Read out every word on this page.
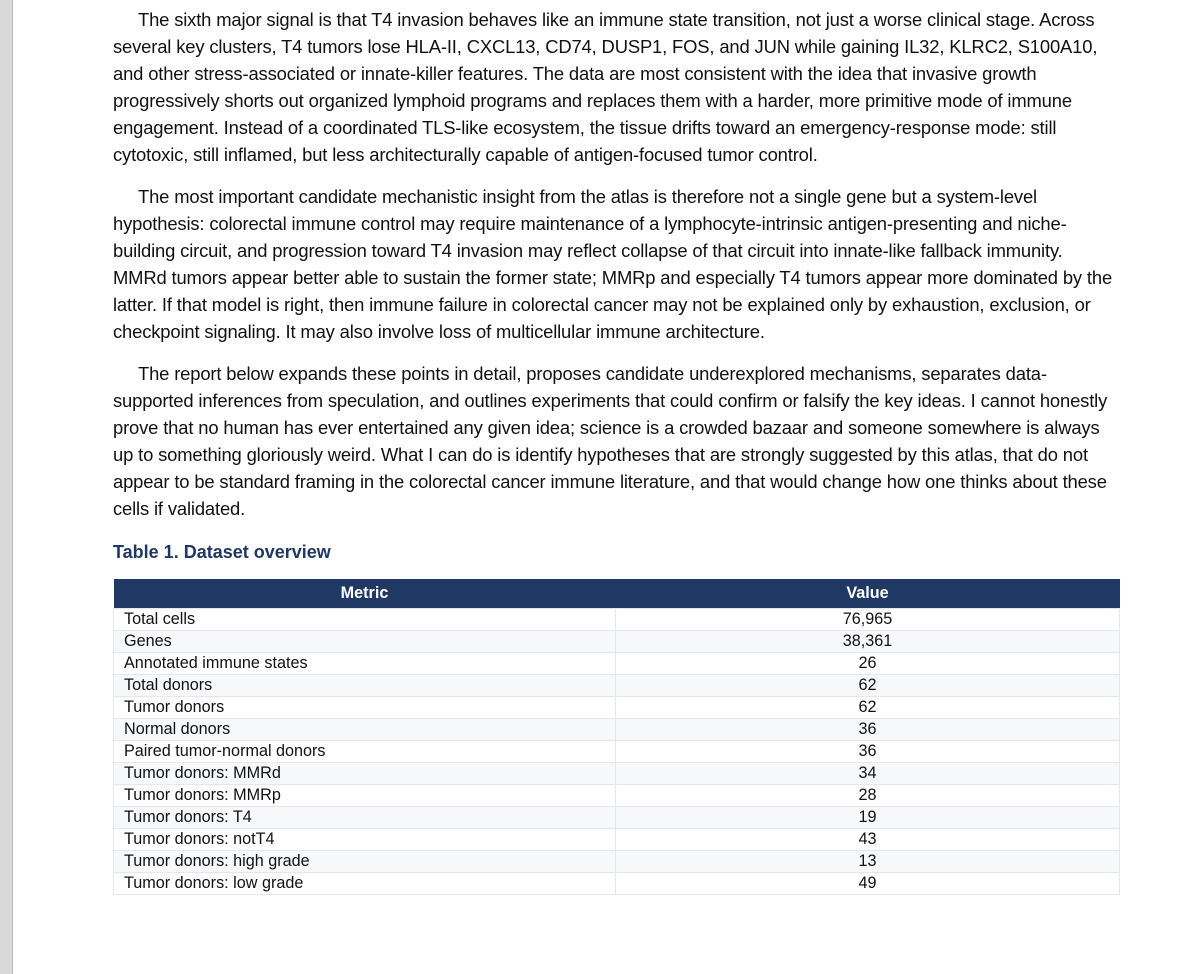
The sixth major signal is that T4 invasion behaves like an immune state transition, not just a worse clinical stage. Across several key clusters, T4 tumors lose HLA-II, CXCL13, CD74, DUSP1, FOS, and JUN while gaining IL32, KLRC2, S100A10, and other stress-associated or innate-killer features. The data are most consistent with the idea that invasive growth progressively shorts out organized lymphoid programs and replaces them with a harder, more primitive mode of immune engagement. Instead of a coordinated TLS-like ecosystem, the tissue drifts toward an emergency-response mode: still cytotoxic, still inflamed, but less architecturally capable of antigen-focused tumor control.

The most important candidate mechanistic insight from the atlas is therefore not a single gene but a system-level hypothesis: colorectal immune control may require maintenance of a lymphocyte-intrinsic antigen-presenting and niche-building circuit, and progression toward T4 invasion may reflect collapse of that circuit into innate-like fallback immunity. MMRd tumors appear better able to sustain the former state; MMRp and especially T4 tumors appear more dominated by the latter. If that model is right, then immune failure in colorectal cancer may not be explained only by exhaustion, exclusion, or checkpoint signaling. It may also involve loss of multicellular immune architecture.

The report below expands these points in detail, proposes candidate underexplored mechanisms, separates data-supported inferences from speculation, and outlines experiments that could confirm or falsify the key ideas. I cannot honestly prove that no human has ever entertained any given idea; science is a crowded bazaar and someone somewhere is always up to something gloriously weird. What I can do is identify hypotheses that are strongly suggested by this atlas, that do not appear to be standard framing in the colorectal cancer immune literature, and that would change how one thinks about these cells if validated.

Table 1. Dataset overview
Metric	Value
Total cells	76,965
Genes	38,361
Annotated immune states	26
Total donors	62
Tumor donors	62
Normal donors	36
Paired tumor-normal donors	36
Tumor donors: MMRd	34
Tumor donors: MMRp	28
Tumor donors: T4	19
Tumor donors: notT4	43
Tumor donors: high grade	13
Tumor donors: low grade	49
